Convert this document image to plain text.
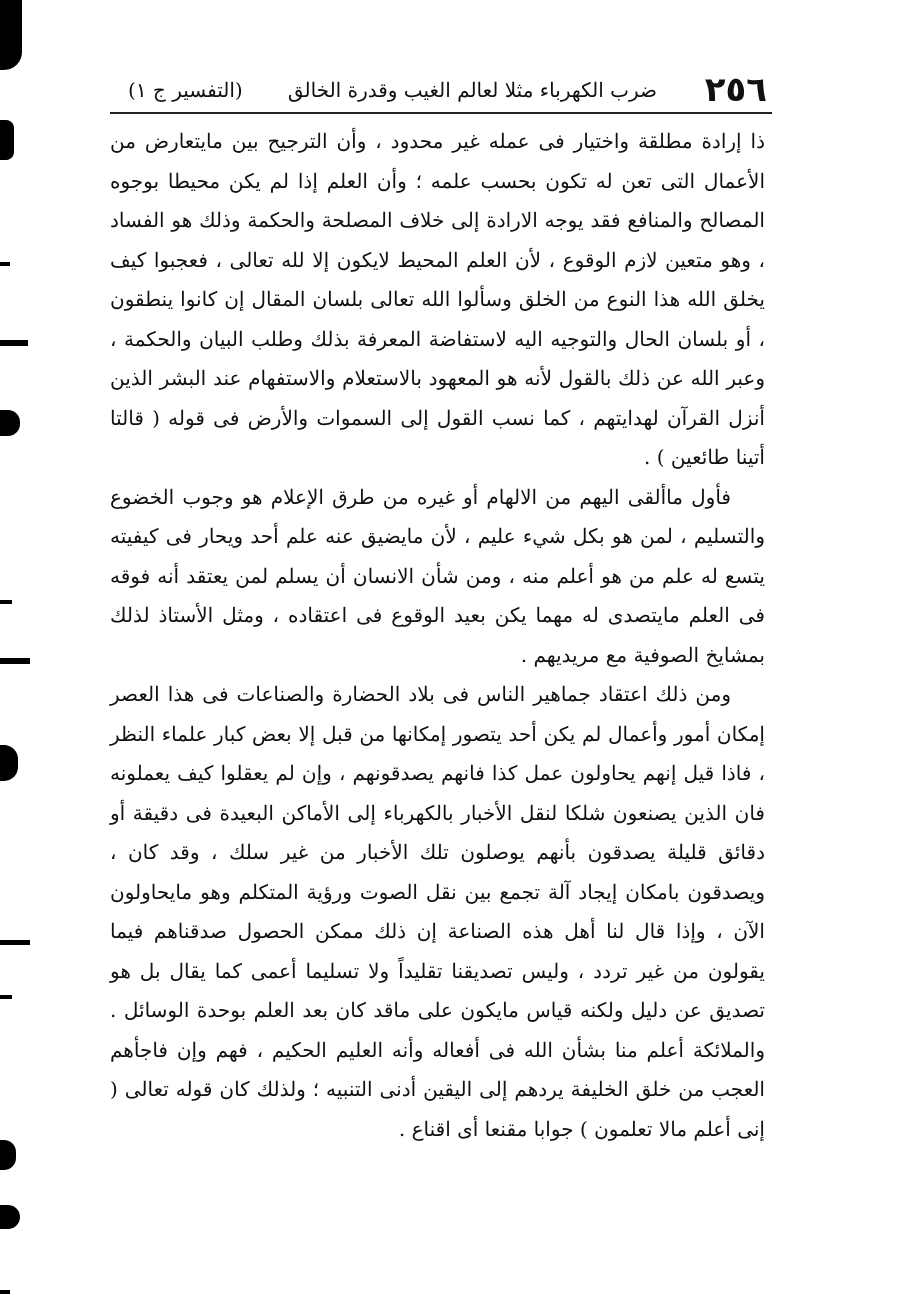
٢٥٦
ضرب الكهرباء مثلا لعالم الغيب وقدرة الخالق
(التفسير ج ١)

ذا إرادة مطلقة واختيار فى عمله غير محدود ، وأن الترجيح بين مايتعارض من الأعمال التى تعن له تكون بحسب علمه ؛ وأن العلم إذا لم يكن محيطا بوجوه المصالح والمنافع فقد يوجه الارادة إلى خلاف المصلحة والحكمة وذلك هو الفساد ، وهو متعين لازم الوقوع ، لأن العلم المحيط لايكون إلا لله تعالى ، فعجبوا كيف يخلق الله هذا النوع من الخلق وسألوا الله تعالى بلسان المقال إن كانوا ينطقون ، أو بلسان الحال والتوجيه اليه لاستفاضة المعرفة بذلك وطلب البيان والحكمة ، وعبر الله عن ذلك بالقول لأنه هو المعهود بالاستعلام والاستفهام عند البشر الذين أنزل القرآن لهدايتهم ، كما نسب القول إلى السموات والأرض فى قوله ( قالتا أتينا طائعين ) .

فأول ماألقى اليهم من الالهام أو غيره من طرق الإعلام هو وجوب الخضوع والتسليم ، لمن هو بكل شيء عليم ، لأن مايضيق عنه علم أحد ويحار فى كيفيته يتسع له علم من هو أعلم منه ، ومن شأن الانسان أن يسلم لمن يعتقد أنه فوقه فى العلم مايتصدى له مهما يكن بعيد الوقوع فى اعتقاده ، ومثل الأستاذ لذلك بمشايخ الصوفية مع مريديهم .

ومن ذلك اعتقاد جماهير الناس فى بلاد الحضارة والصناعات فى هذا العصر إمكان أمور وأعمال لم يكن أحد يتصور إمكانها من قبل إلا بعض كبار علماء النظر ، فاذا قيل إنهم يحاولون عمل كذا فانهم يصدقونهم ، وإن لم يعقلوا كيف يعملونه فان الذين يصنعون شلكا لنقل الأخبار بالكهرباء إلى الأماكن البعيدة فى دقيقة أو دقائق قليلة يصدقون بأنهم يوصلون تلك الأخبار من غير سلك ، وقد كان ، ويصدقون بامكان إيجاد آلة تجمع بين نقل الصوت ورؤية المتكلم وهو مايحاولون الآن ، وإذا قال لنا أهل هذه الصناعة إن ذلك ممكن الحصول صدقناهم فيما يقولون من غير تردد ، وليس تصديقنا تقليداً ولا تسليما أعمى كما يقال بل هو تصديق عن دليل ولكنه قياس مايكون على ماقد كان بعد العلم بوحدة الوسائل . والملائكة أعلم منا بشأن الله فى أفعاله وأنه العليم الحكيم ، فهم وإن فاجأهم العجب من خلق الخليفة يردهم إلى اليقين أدنى التنبيه ؛ ولذلك كان قوله تعالى ( إنى أعلم مالا تعلمون ) جوابا مقنعا أى اقناع .
